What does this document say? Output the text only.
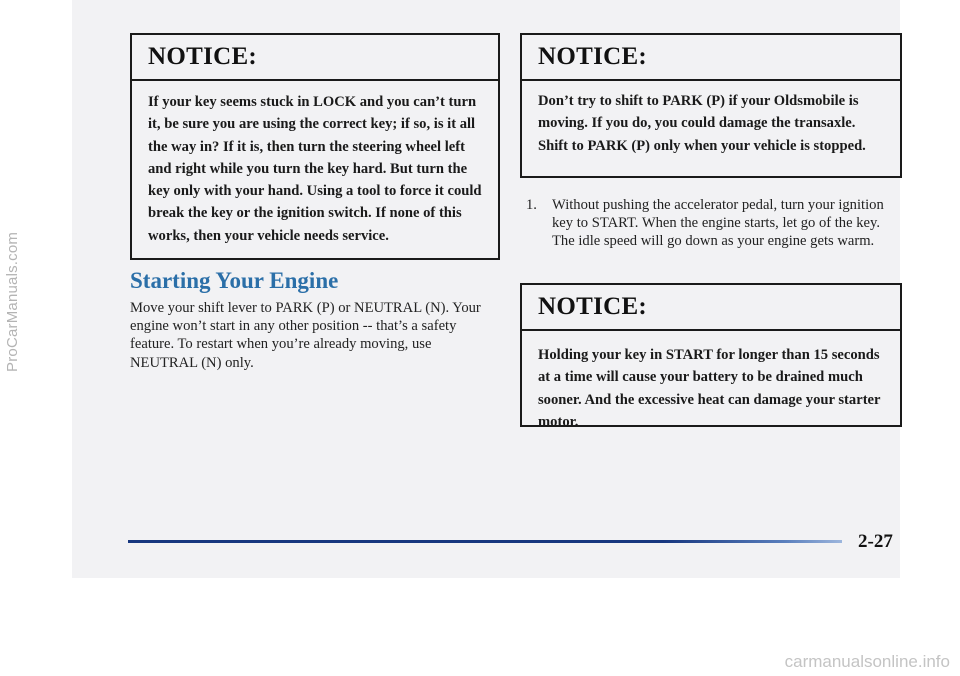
ProCarManuals.com
NOTICE:
If your key seems stuck in LOCK and you can’t turn it, be sure you are using the correct key; if so, is it all the way in? If it is, then turn the steering wheel left and right while you turn the key hard. But turn the key only with your hand. Using a tool to force it could break the key or the ignition switch. If none of this works, then your vehicle needs service.
Starting Your Engine
Move your shift lever to PARK (P) or NEUTRAL (N). Your engine won’t start in any other position -- that’s a safety feature. To restart when you’re already moving, use NEUTRAL (N) only.
NOTICE:
Don’t try to shift to PARK (P) if your Oldsmobile is moving. If you do, you could damage the transaxle. Shift to PARK (P) only when your vehicle is stopped.
1.	Without pushing the accelerator pedal, turn your ignition key to START. When the engine starts, let go of the key. The idle speed will go down as your engine gets warm.
NOTICE:
Holding your key in START for longer than 15 seconds at a time will cause your battery to be drained much sooner. And the excessive heat can damage your starter motor.
2-27
carmanualsonline.info
